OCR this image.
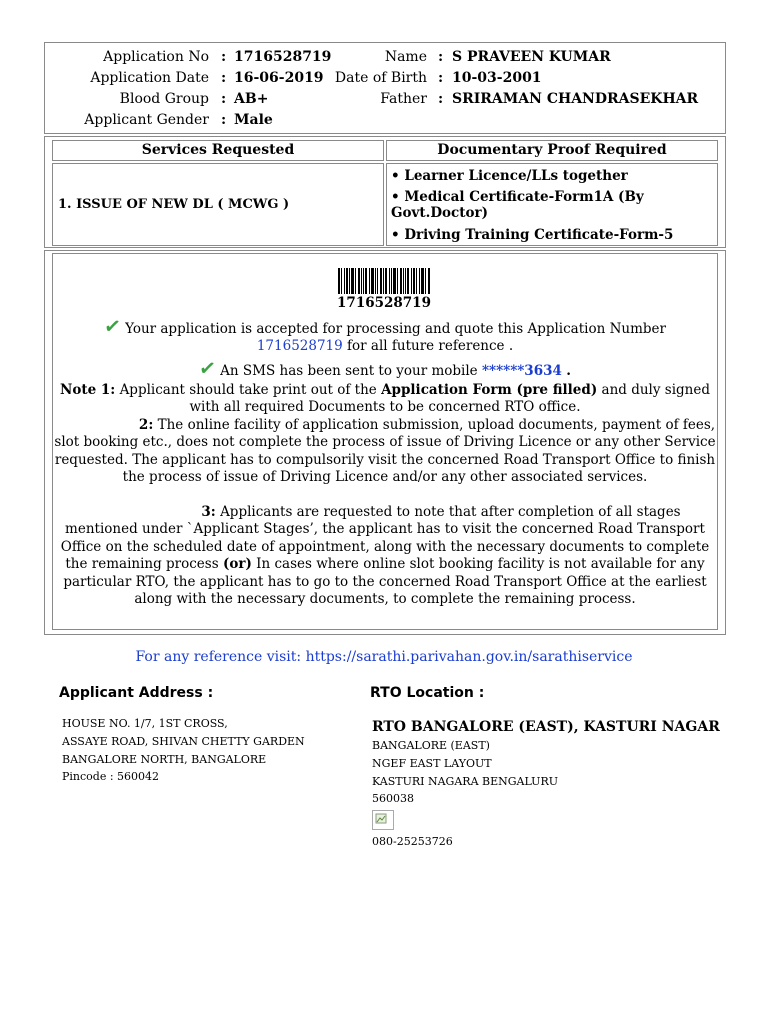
Application No : 1716528719
Application Date : 16-06-2019
Blood Group : AB+
Applicant Gender : Male
Name : S PRAVEEN KUMAR
Date of Birth : 10-03-2001
Father : SRIRAMAN CHANDRASEKHAR
Services Requested	Documentary Proof Required
1. ISSUE OF NEW DL ( MCWG )
• Learner Licence/LLs together
• Medical Certificate-Form1A (By Govt.Doctor)
• Driving Training Certificate-Form-5
1716528719
✓ Your application is accepted for processing and quote this Application Number
1716528719 for all future reference .
✓ An SMS has been sent to your mobile ******3634 .
Note 1: Applicant should take print out of the Application Form (pre filled) and duly signed with all required Documents to be concerned RTO office.
2: The online facility of application submission, upload documents, payment of fees, slot booking etc., does not complete the process of issue of Driving Licence or any other Service requested. The applicant has to compulsorily visit the concerned Road Transport Office to finish the process of issue of Driving Licence and/or any other associated services.
3: Applicants are requested to note that after completion of all stages mentioned under `Applicant Stages’, the applicant has to visit the concerned Road Transport Office on the scheduled date of appointment, along with the necessary documents to complete the remaining process (or) In cases where online slot booking facility is not available for any particular RTO, the applicant has to go to the concerned Road Transport Office at the earliest along with the necessary documents, to complete the remaining process.
For any reference visit: https://sarathi.parivahan.gov.in/sarathiservice
Applicant Address :
HOUSE NO. 1/7, 1ST CROSS,
ASSAYE ROAD, SHIVAN CHETTY GARDEN
BANGALORE NORTH, BANGALORE
Pincode : 560042
RTO Location :
RTO BANGALORE (EAST), KASTURI NAGAR
BANGALORE (EAST)
NGEF EAST LAYOUT
KASTURI NAGARA BENGALURU
560038
080-25253726
